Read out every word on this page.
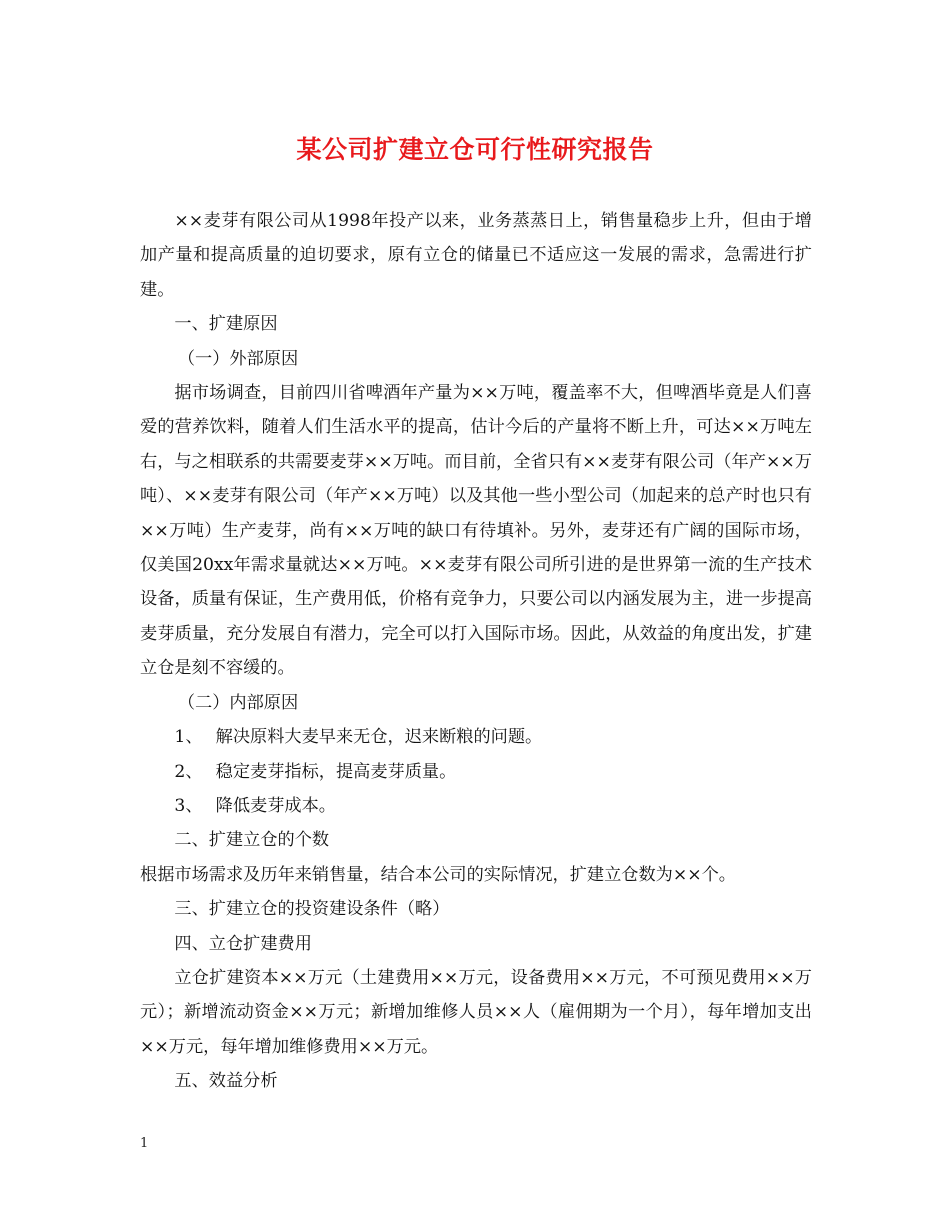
某公司扩建立仓可行性研究报告

××麦芽有限公司从1998年投产以来，业务蒸蒸日上，销售量稳步上升，但由于增加产量和提高质量的迫切要求，原有立仓的储量已不适应这一发展的需求，急需进行扩建。

一、扩建原因

（一）外部原因

据市场调查，目前四川省啤酒年产量为××万吨，覆盖率不大，但啤酒毕竟是人们喜爱的营养饮料，随着人们生活水平的提高，估计今后的产量将不断上升，可达××万吨左右，与之相联系的共需要麦芽××万吨。而目前，全省只有××麦芽有限公司（年产××万吨）、××麦芽有限公司（年产××万吨）以及其他一些小型公司（加起来的总产时也只有××万吨）生产麦芽，尚有××万吨的缺口有待填补。另外，麦芽还有广阔的国际市场，仅美国20xx年需求量就达××万吨。××麦芽有限公司所引进的是世界第一流的生产技术设备，质量有保证，生产费用低，价格有竞争力，只要公司以内涵发展为主，进一步提高麦芽质量，充分发展自有潜力，完全可以打入国际市场。因此，从效益的角度出发，扩建立仓是刻不容缓的。

（二）内部原因

1、 解决原料大麦早来无仓，迟来断粮的问题。

2、 稳定麦芽指标，提高麦芽质量。

3、 降低麦芽成本。

二、扩建立仓的个数

根据市场需求及历年来销售量，结合本公司的实际情况，扩建立仓数为××个。

三、扩建立仓的投资建设条件（略）

四、立仓扩建费用

立仓扩建资本××万元（土建费用××万元，设备费用××万元，不可预见费用××万元）；新增流动资金××万元；新增加维修人员××人（雇佣期为一个月），每年增加支出××万元，每年增加维修费用××万元。

五、效益分析

1
